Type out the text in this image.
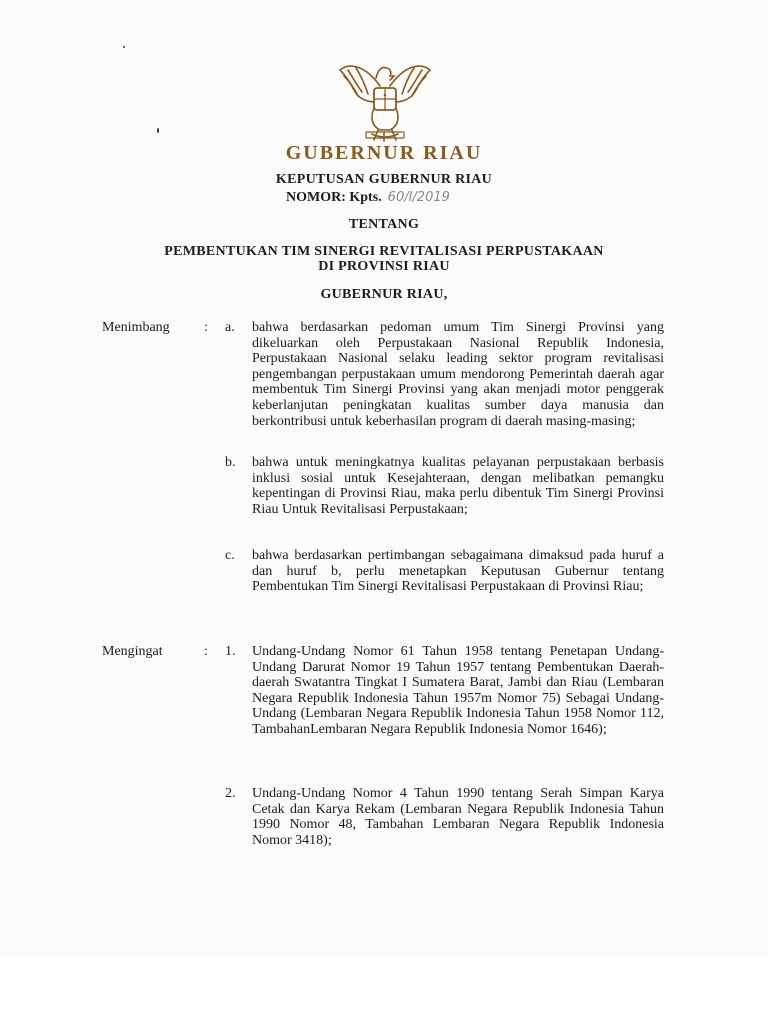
GUBERNUR RIAU
KEPUTUSAN GUBERNUR RIAU
NOMOR: Kpts. 60/I/2019
TENTANG
PEMBENTUKAN TIM SINERGI REVITALISASI PERPUSTAKAAN
DI PROVINSI RIAU
GUBERNUR RIAU,
Menimbang : a. bahwa berdasarkan pedoman umum Tim Sinergi Provinsi yang dikeluarkan oleh Perpustakaan Nasional Republik Indonesia, Perpustakaan Nasional selaku leading sektor program revitalisasi pengembangan perpustakaan umum mendorong Pemerintah daerah agar membentuk Tim Sinergi Provinsi yang akan menjadi motor penggerak keberlanjutan peningkatan kualitas sumber daya manusia dan berkontribusi untuk keberhasilan program di daerah masing-masing;

b. bahwa untuk meningkatnya kualitas pelayanan perpustakaan berbasis inklusi sosial untuk Kesejahteraan, dengan melibatkan pemangku kepentingan di Provinsi Riau, maka perlu dibentuk Tim Sinergi Provinsi Riau Untuk Revitalisasi Perpustakaan;

c. bahwa berdasarkan pertimbangan sebagaimana dimaksud pada huruf a dan huruf b, perlu menetapkan Keputusan Gubernur tentang Pembentukan Tim Sinergi Revitalisasi Perpustakaan di Provinsi Riau;

Mengingat	: 1. Undang-Undang Nomor 61 Tahun 1958 tentang Penetapan Undang-Undang Darurat Nomor 19 Tahun 1957 tentang Pembentukan Daerah-daerah Swatantra Tingkat I Sumatera Barat, Jambi dan Riau (Lembaran Negara Republik Indonesia Tahun 1957m Nomor 75) Sebagai Undang-Undang (Lembaran Negara Republik Indonesia Tahun 1958 Nomor 112, TambahanLembaran Negara Republik Indonesia Nomor 1646);

2. Undang-Undang Nomor 4 Tahun 1990 tentang Serah Simpan Karya Cetak dan Karya Rekam (Lembaran Negara Republik Indonesia Tahun 1990 Nomor 48, Tambahan Lembaran Negara Republik Indonesia Nomor 3418);
